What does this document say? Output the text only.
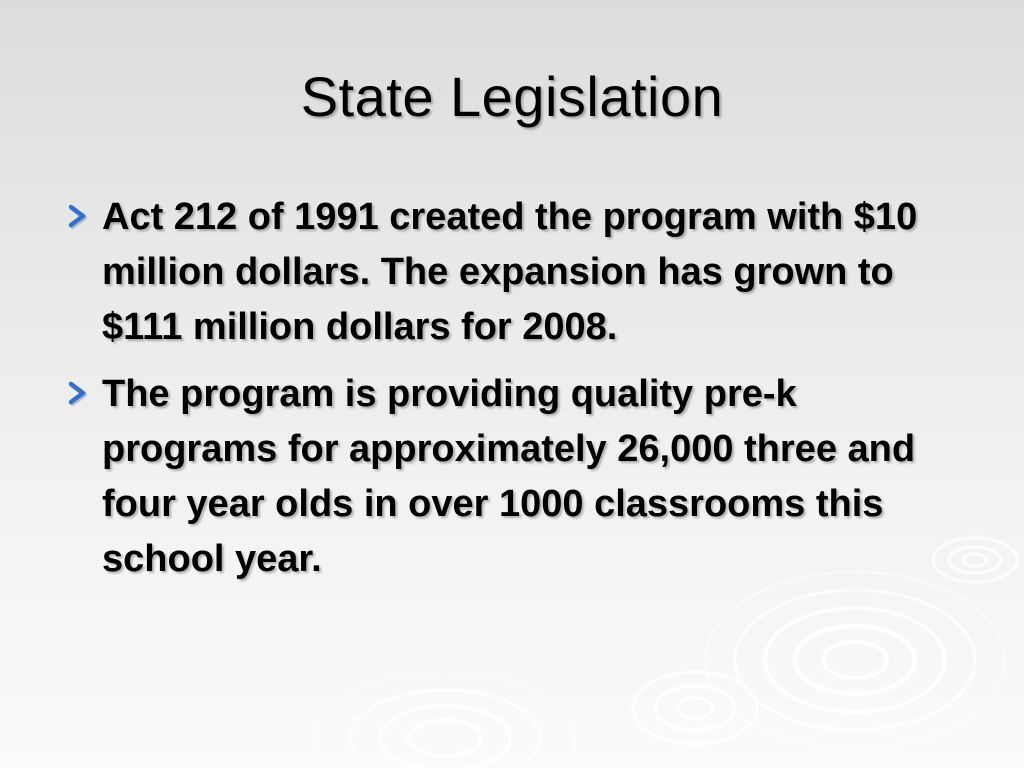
State Legislation
Act 212 of 1991 created the program with $10 million dollars. The expansion has grown to $111 million dollars for 2008.
The program is providing quality pre-k programs for approximately 26,000 three and four year olds in over 1000 classrooms this school year.
